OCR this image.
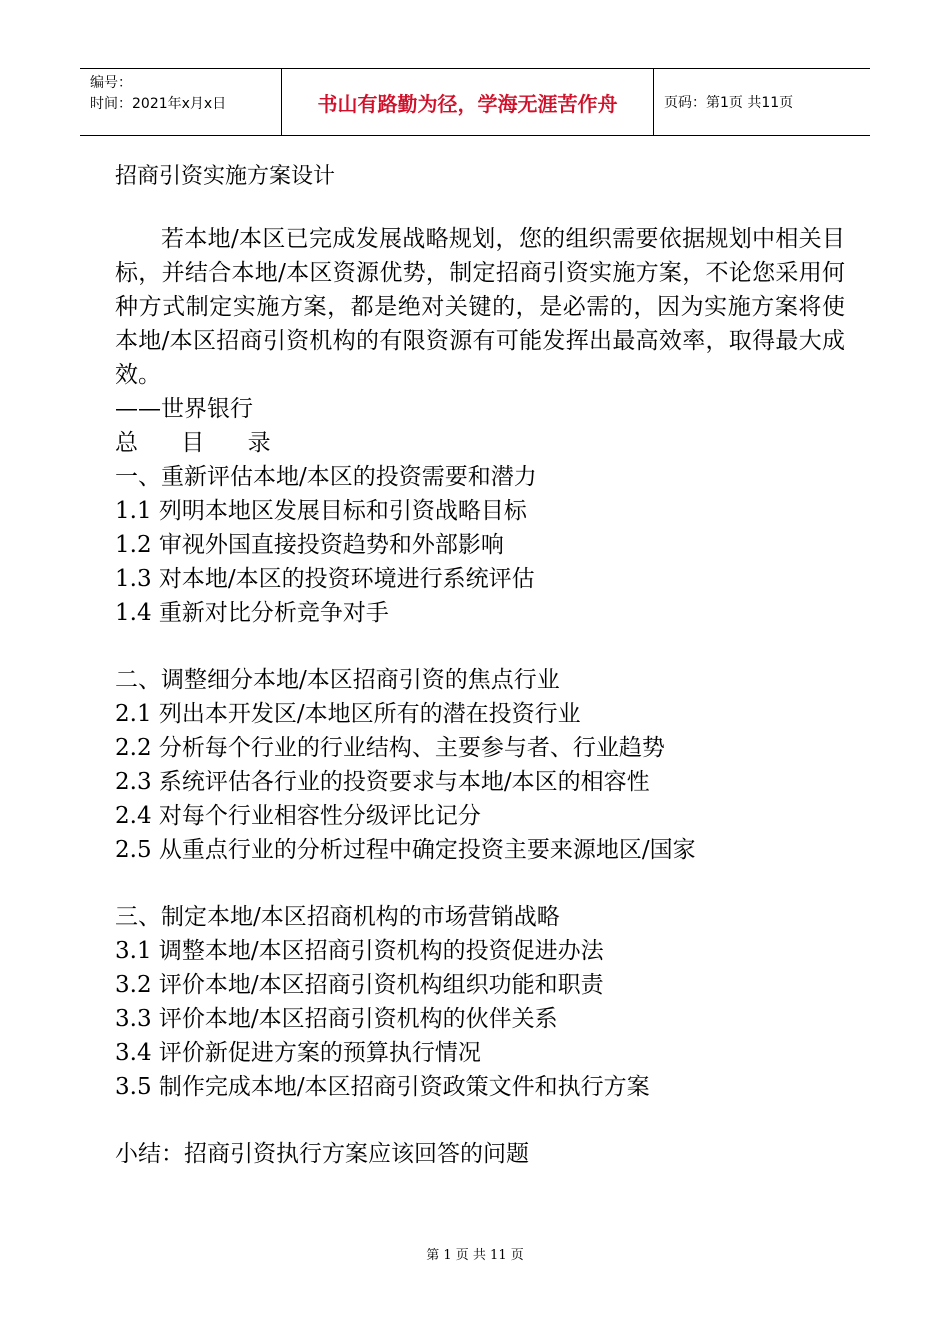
编号：
时间：2021年x月x日	书山有路勤为径，学海无涯苦作舟	页码：第1页 共11页

招商引资实施方案设计

若本地/本区已完成发展战略规划，您的组织需要依据规划中相关目标，并结合本地/本区资源优势，制定招商引资实施方案，不论您采用何种方式制定实施方案，都是绝对关键的，是必需的，因为实施方案将使本地/本区招商引资机构的有限资源有可能发挥出最高效率，取得最大成效。

——世界银行

总 目 录

一、重新评估本地/本区的投资需要和潜力

1.1 列明本地区发展目标和引资战略目标

1.2 审视外国直接投资趋势和外部影响

1.3 对本地/本区的投资环境进行系统评估

1.4 重新对比分析竞争对手

二、调整细分本地/本区招商引资的焦点行业

2.1 列出本开发区/本地区所有的潜在投资行业

2.2 分析每个行业的行业结构、主要参与者、行业趋势

2.3 系统评估各行业的投资要求与本地/本区的相容性

2.4 对每个行业相容性分级评比记分

2.5 从重点行业的分析过程中确定投资主要来源地区/国家

三、制定本地/本区招商机构的市场营销战略

3.1 调整本地/本区招商引资机构的投资促进办法

3.2 评价本地/本区招商引资机构组织功能和职责

3.3 评价本地/本区招商引资机构的伙伴关系

3.4 评价新促进方案的预算执行情况

3.5 制作完成本地/本区招商引资政策文件和执行方案

小结：招商引资执行方案应该回答的问题

第 1 页 共 11 页
